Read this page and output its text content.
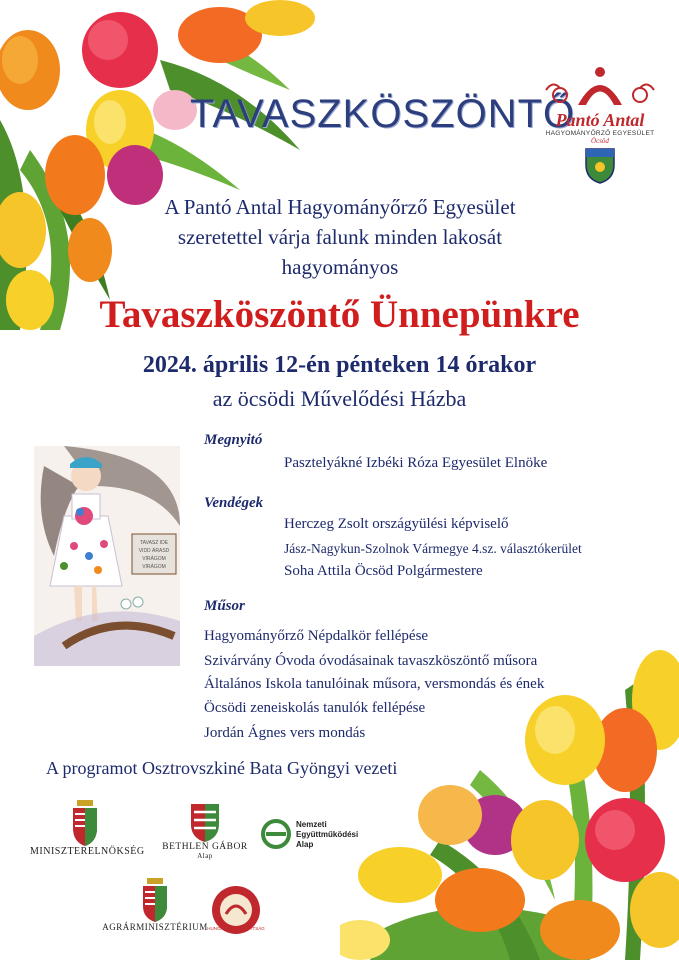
TAVASZKÖSZÖNTŐ
Pantó Antal
HAGYOMÁNYŐRZŐ EGYESÜLET
Öcsöd
A Pantó Antal Hagyományőrző Egyesület
szeretettel várja falunk minden lakosát
hagyományos
Tavaszköszöntő Ünnepünkre
2024. április 12-én pénteken 14 órakor
az öcsödi Művelődési Házba
TAVASZ IDE
VIDD ÁRASD
VIRÁGOM
VIRÁGOM
Megnyitó
Pasztelyákné Izbéki Róza Egyesület Elnöke
Vendégek
Herczeg Zsolt országyülési képviselő
Jász-Nagykun-Szolnok Vármegye 4.sz. választókerület
Soha Attila Öcsöd Polgármestere
Műsor
Hagyományőrző Népdalkör fellépése
Szivárvány Óvoda óvodásainak tavaszköszöntő műsora
Általános Iskola tanulóinak műsora, versmondás és ének
Öcsödi zeneiskolás tanulók fellépése
Jordán Ágnes vers mondás
A programot Osztrovszkiné Bata Gyöngyi vezeti
MINISZTERELNÖKSÉG BETHLEN GÁBOR
Alap
Nemzeti
Együttműködési
Alap
AGRÁRMINISZTÉRIUM HUNGARIKUM BIZOTTSÁG
